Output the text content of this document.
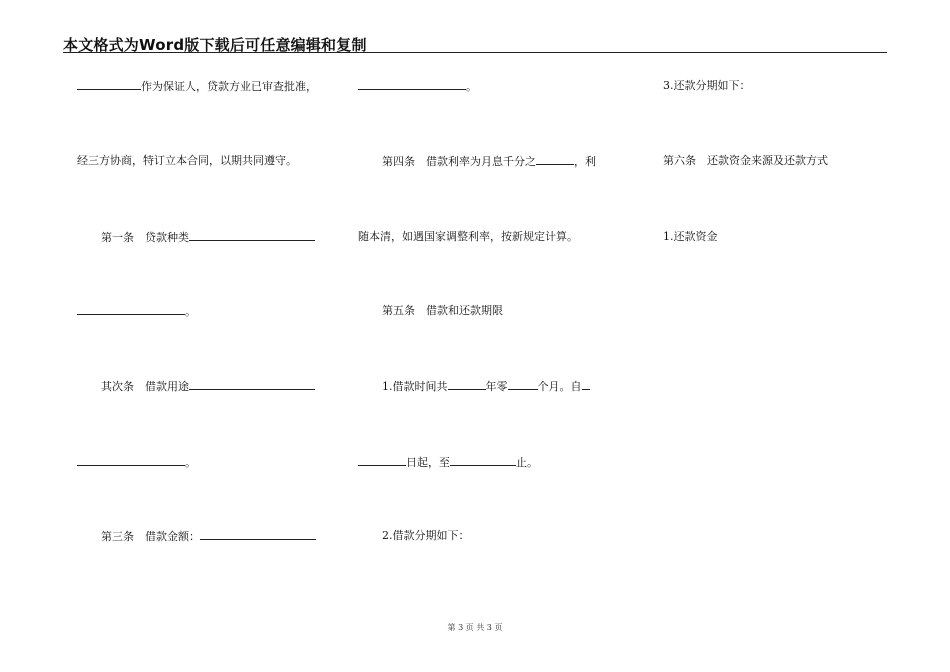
本文格式为Word版下载后可任意编辑和复制
作为保证人，贷款方业已审查批准，
经三方协商，特订立本合同，以期共同遵守。
第一条　贷款种类
。
其次条　借款用途
。
第三条　借款金额：
。
第四条　借款利率为月息千分之	，利
随本清，如遇国家调整利率，按新规定计算。
第五条　借款和还款期限
1.借款时间共	年零	个月。自
日起，至	止。
2.借款分期如下：
3.还款分期如下：
第六条　还款资金来源及还款方式
1.还款资金
第 3 页 共 3 页
